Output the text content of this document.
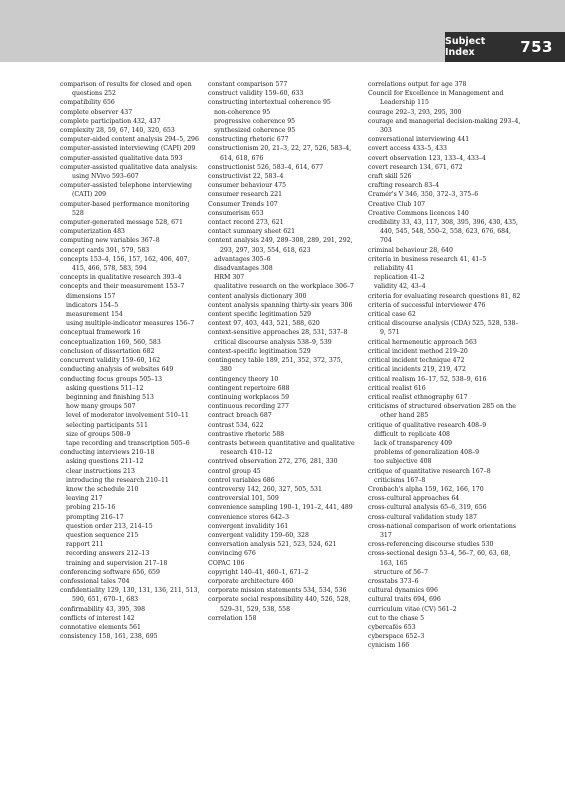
Subject Index	753
comparison of results for closed and open questions 252
compatibility 656
complete observer 437
complete participation 432, 437
complexity 28, 59, 67, 140, 320, 653
computer-aided content analysis 294–5, 296
computer-assisted interviewing (CAPI) 209
computer-assisted qualitative data 593
computer-assisted qualitative data analysis: using NVivo 593–607
computer-assisted telephone interviewing (CATI) 209
computer-based performance monitoring 528
computer-generated message 528, 671
computerization 483
computing new variables 367–8
concept cards 391, 579, 583
concepts 153–4, 156, 157, 162, 406, 407, 415, 466, 578, 583, 594
concepts in qualitative research 393–4
concepts and their measurement 153–7
dimensions 157
indicators 154–5
measurement 154
using multiple-indicator measures 156–7
conceptual framework 16
conceptualization 169, 560, 583
conclusion of dissertation 682
concurrent validity 159–60, 162
conducting analysis of websites 649
conducting focus groups 505–13
asking questions 511–12
beginning and finishing 513
how many groups 507
level of moderator involvement 510–11
selecting participants 511
size of groups 508–9
tape recording and transcription 505–6
conducting interviews 210–18
asking questions 211–12
clear instructions 213
introducing the research 210–11
know the schedule 210
leaving 217
probing 215–16
prompting 216–17
question order 213, 214–15
question sequence 215
rapport 211
recording answers 212–13
training and supervision 217–18
conferencing software 656, 659
confessional tales 704
confidentiality 129, 130, 131, 136, 211, 513, 590, 651, 670–1, 683
confirmability 43, 395, 398
conflicts of interest 142
connotative elements 561
consistency 158, 161, 238, 695
constant comparison 577
construct validity 159–60, 633
constructing intertextual coherence 95
non-coherence 95
progressive coherence 95
synthesized coherence 95
constructing rhetoric 677
constructionism 20, 21–3, 22, 27, 526, 583–4, 614, 618, 676
constructionist 526, 583–4, 614, 677
constructivist 22, 583–4
consumer behaviour 475
consumer research 221
Consumer Trends 107
consumerism 653
contact record 273, 621
contact summary sheet 621
content analysis 249, 289–308, 289, 291, 292, 293, 297, 303, 554, 618, 623
advantages 305–6
disadvantages 308
HRM 307
qualitative research on the workplace 306–7
content analysis dictionary 300
content analysis spanning thirty-six years 306
content specific legitimation 529
context 97, 403, 443, 521, 588, 620
context-sensitive approaches 28, 531, 537–8
critical discourse analysis 538–9, 539
context-specific legitimation 529
contingency table 189, 251, 352, 372, 375, 380
contingency theory 10
contingent repertoire 688
continuing workplaces 59
continuous recording 277
contract breach 687
contrast 534, 622
contrastive rhetoric 588
contrasts between quantitative and qualitative research 410–12
contrived observation 272, 276, 281, 330
control group 45
control variables 686
controversy 142, 260, 327, 505, 531
controversial 101, 509
convenience sampling 190–1, 191–2, 441, 489
convenience stores 642–3
convergent invalidity 161
convergent validity 159–60, 328
conversation analysis 521, 523, 524, 621
convincing 676
COPAC 106
copyright 140–41, 460–1, 671–2
corporate architecture 460
corporate mission statements 534, 534, 536
corporate social responsibility 440, 526, 528, 529–31, 529, 538, 558
correlation 158
correlations output for age 378
Council for Excellence in Management and Leadership 115
courage 292–3, 293, 295, 300
courage and managerial decision-making 293–4, 303
conversational interviewing 441
covert access 433–5, 433
covert observation 123, 133–4, 433–4
covert research 134, 671, 672
craft skill 526
crafting research 83–4
Cramér's V 346, 350, 372–3, 375–6
Creative Club 107
Creative Commons licences 140
credibility 33, 43, 117, 308, 395, 396, 430, 435, 440, 545, 548, 550–2, 558, 623, 676, 684, 704
criminal behaviour 28, 640
criteria in business research 41, 41–5
reliability 41
replication 41–2
validity 42, 43–4
criteria for evaluating research questions 81, 82
criteria of successful interviewer 476
critical case 62
critical discourse analysis (CDA) 525, 528, 538–9, 571
critical hermeneutic approach 563
critical incident method 219–20
critical incident technique 472
critical incidents 219, 219, 472
critical realism 16–17, 52, 538–9, 616
critical realist 616
critical realist ethnography 617
criticisms of structured observation 285 on the other hand 285
critique of qualitative research 408–9
difficult to replicate 408
lack of transparency 409
problems of generalization 408–9
too subjective 408
critique of quantitative research 167–8
criticisms 167–8
Cronbach's alpha 159, 162, 166, 170
cross-cultural approaches 64
cross-cultural analysis 65–6, 319, 656
cross-cultural validation study 187
cross-national comparison of work orientations 317
cross-referencing discourse studies 530
cross-sectional design 53–4, 56–7, 60, 63, 68, 163, 165
structure of 56–7
crosstabs 373–6
cultural dynamics 696
cultural traits 694, 696
curriculum vitae (CV) 561–2
cut to the chase 5
cybercafés 653
cyberspace 652–3
cynicism 166
